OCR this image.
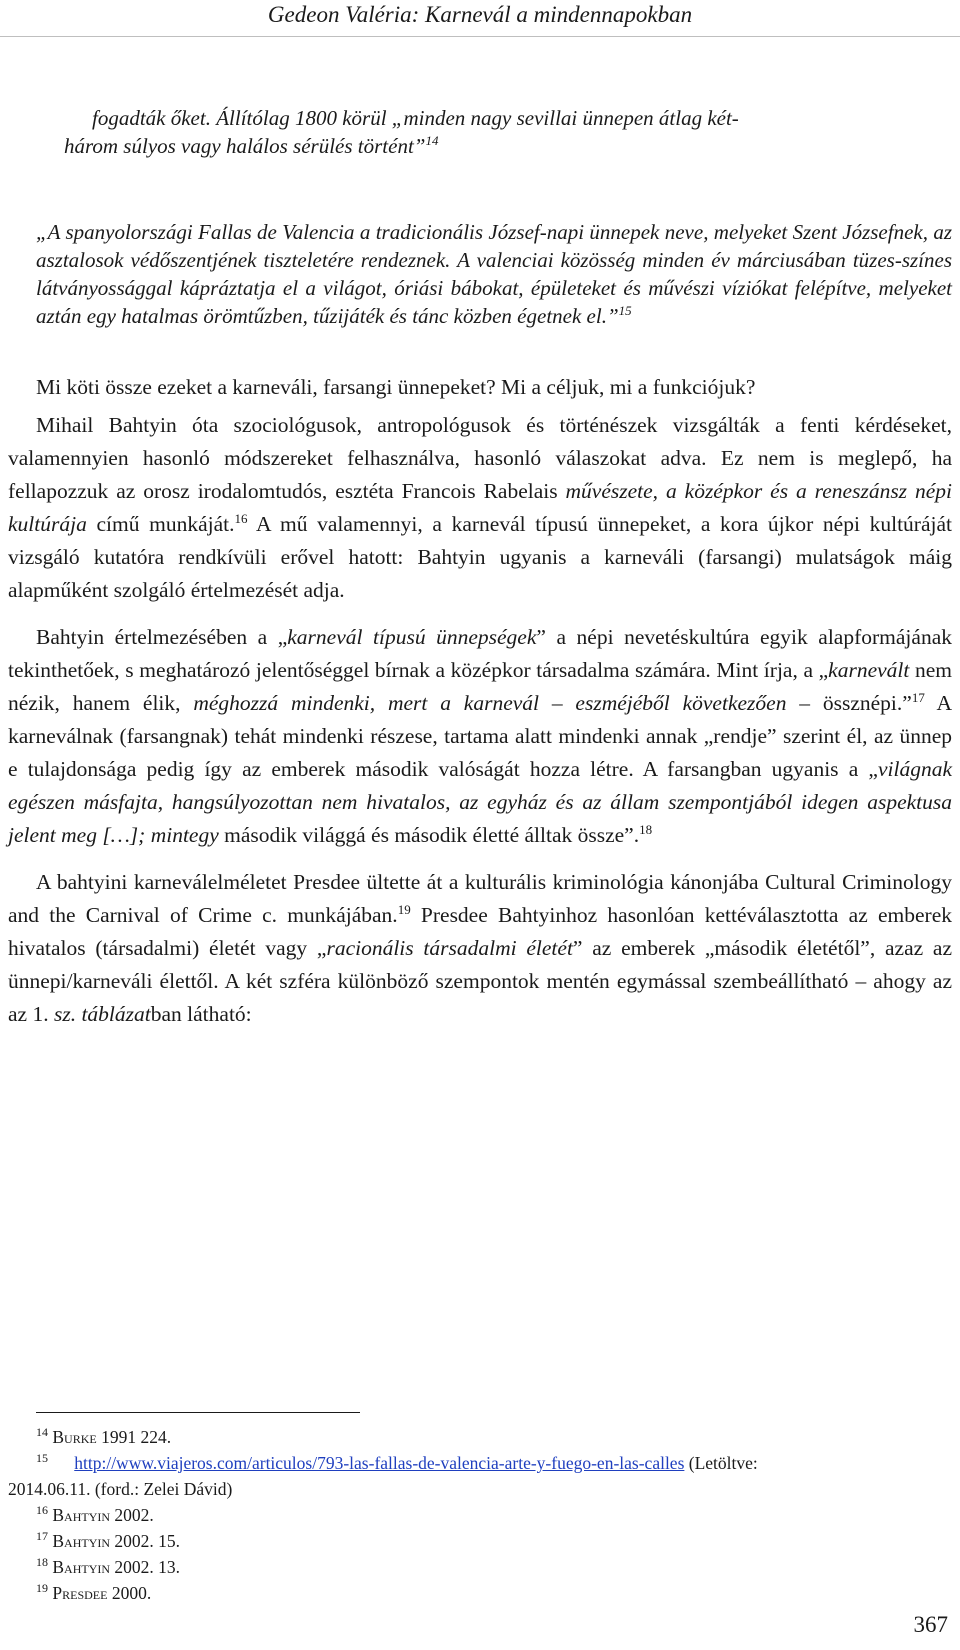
Gedeon Valéria: Karnevál a mindennapokban

fogadták őket. Állítólag 1800 körül „minden nagy sevillai ünnepen átlag két-
három súlyos vagy halálos sérülés történt”$^{14}$

„A spanyolországi Fallas de Valencia a tradicionális József-napi ünnepek neve, melyeket Szent Józsefnek, az asztalosok védőszentjének tiszteletére rendeznek. A valenciai közösség minden év márciusában tüzes-színes látványossággal kápráztatja el a világot, óriási bábokat, épületeket és művészi víziókat felépítve, melyeket aztán egy hatalmas örömtűzben, tűzijáték és tánc közben égetnek el.”$^{15}$

Mi köti össze ezeket a karneváli, farsangi ünnepeket? Mi a céljuk, mi a funkciójuk?

Mihail Bahtyin óta szociológusok, antropológusok és történészek vizsgálták a fenti kérdéseket, valamennyien hasonló módszereket felhasználva, hasonló válaszokat adva. Ez nem is meglepő, ha fellapozzuk az orosz irodalomtudós, esztéta Francois Rabelais művészete, a középkor és a reneszánsz népi kultúrája című munkáját.$^{16}$ A mű valamennyi, a karnevál típusú ünnepeket, a kora újkor népi kultúráját vizsgáló kutatóra rendkívüli erővel hatott: Bahtyin ugyanis a karneváli (farsangi) mulatságok máig alapműként szolgáló értelmezését adja.

Bahtyin értelmezésében a „karnevál típusú ünnepségek” a népi nevetéskultúra egyik alapformájának tekinthetőek, s meghatározó jelentőséggel bírnak a középkor társadalma számára. Mint írja, a „karnevált nem nézik, hanem élik, méghozzá mindenki, mert a karnevál – eszméjéből következően – össznépi.”$^{17}$ A karneválnak (farsangnak) tehát mindenki részese, tartama alatt mindenki annak „rendje” szerint él, az ünnep e tulajdonsága pedig így az emberek második valóságát hozza létre. A farsangban ugyanis a „világnak egészen másfajta, hangsúlyozottan nem hivatalos, az egyház és az állam szempontjából idegen aspektusa jelent meg […]; mintegy második világgá és második életté álltak össze”.$^{18}$

A bahtyini karneválelméletet Presdee ültette át a kulturális kriminológia kánonjába Cultural Criminology and the Carnival of Crime c. munkájában.$^{19}$ Presdee Bahtyinhoz hasonlóan kettéválasztotta az emberek hivatalos (társadalmi) életét vagy „racionális társadalmi életét” az emberek „második életétől”, azaz az ünnepi/karneváli élettől. A két szféra különböző szempontok mentén egymással szembeállítható – ahogy az az 1. sz. táblázatban látható:

$^{14}$ Burke 1991 224.

$^{15}$ http://www.viajeros.com/articulos/793-las-fallas-de-valencia-arte-y-fuego-en-las-calles (Letöltve:

2014.06.11. (ford.: Zelei Dávid)

$^{16}$ Bahtyin 2002.

$^{17}$ Bahtyin 2002. 15.

$^{18}$ Bahtyin 2002. 13.

$^{19}$ Presdee 2000.

367
